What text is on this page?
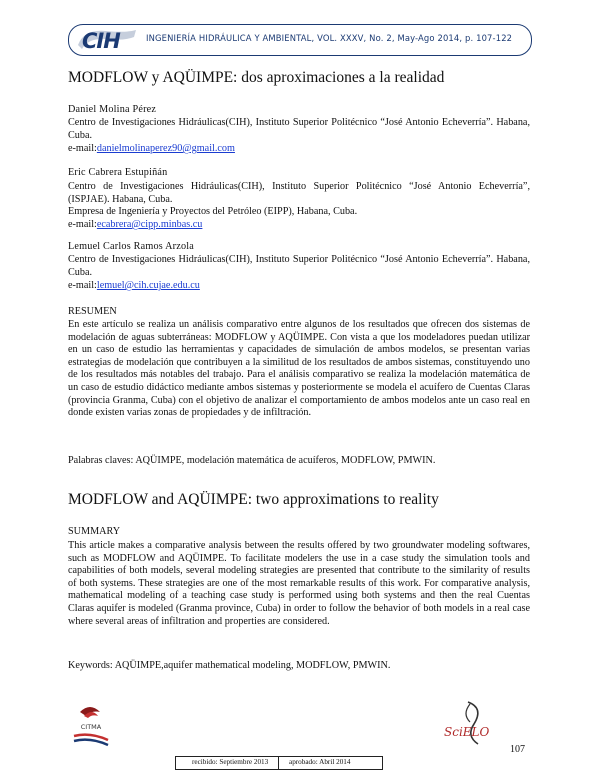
CIH	INGENIERÍA HIDRÁULICA Y AMBIENTAL, VOL. XXXV, No. 2, May-Ago 2014, p. 107-122
MODFLOW y AQÜIMPE: dos aproximaciones a la realidad
Daniel Molina Pérez
Centro de Investigaciones Hidráulicas(CIH), Instituto Superior Politécnico “José Antonio Echeverría”. Habana, Cuba.
e-mail:danielmolinaperez90@gmail.com
Eric Cabrera Estupiñán
Centro de Investigaciones Hidráulicas(CIH), Instituto Superior Politécnico “José Antonio Echeverría”, (ISPJAE). Habana, Cuba.
Empresa de Ingeniería y Proyectos del Petróleo (EIPP), Habana, Cuba.
e-mail:ecabrera@cipp.minbas.cu
Lemuel Carlos Ramos Arzola
Centro de Investigaciones Hidráulicas(CIH), Instituto Superior Politécnico “José Antonio Echeverría”. Habana, Cuba.
e-mail:lemuel@cih.cujae.edu.cu
RESUMEN
En este artículo se realiza un análisis comparativo entre algunos de los resultados que ofrecen dos sistemas de modelación de aguas subterráneas: MODFLOW y AQÜIMPE. Con vista a que los modeladores puedan utilizar en un caso de estudio las herramientas y capacidades de simulación de ambos modelos, se presentan varias estrategias de modelación que contribuyen a la similitud de los resultados de ambos sistemas, constituyendo uno de los resultados más notables del trabajo. Para el análisis comparativo se realiza la modelación matemática de un caso de estudio didáctico mediante ambos sistemas y posteriormente se modela el acuífero de Cuentas Claras (provincia Granma, Cuba) con el objetivo de analizar el comportamiento de ambos modelos ante un caso real en donde existen varias zonas de propiedades y de infiltración.
Palabras claves: AQÜIMPE, modelación matemática de acuíferos, MODFLOW, PMWIN.
MODFLOW and AQÜIMPE: two approximations to reality
SUMMARY
This article makes a comparative analysis between the results offered by two groundwater modeling softwares, such as MODFLOW and AQÜIMPE. To facilitate modelers the use in a case study the simulation tools and capabilities of both models, several modeling strategies are presented that contribute to the similarity of results of both systems. These strategies are one of the most remarkable results of this work. For comparative analysis, mathematical modeling of a teaching case study is performed using both systems and then the real Cuentas Claras aquifer is modeled (Granma province, Cuba) in order to follow the behavior of both models in a real case where several areas of infiltration and properties are considered.
Keywords: AQÜIMPE,aquifer mathematical modeling, MODFLOW, PMWIN.
CITMA
recibido: Septiembre 2013	aprobado: Abril 2014
SciELO
107
